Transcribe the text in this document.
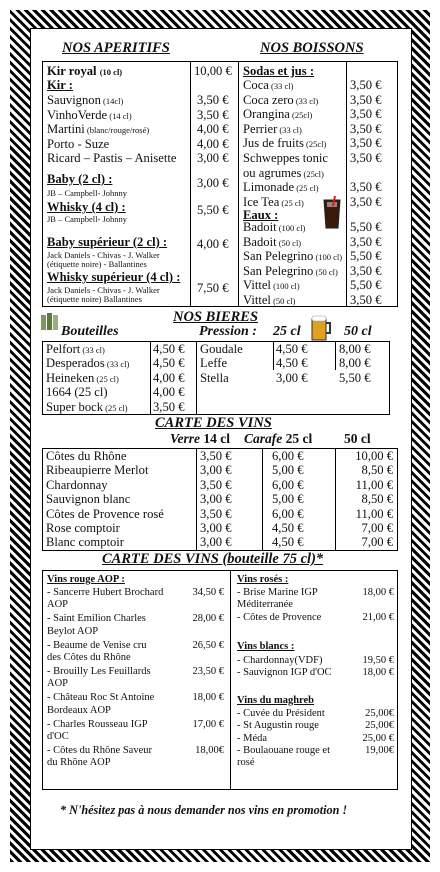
NOS APERITIFS	NOS BOISSONS
Kir royal (10 cl)	10,00 €
Kir :
Sauvignon (14cl)	3,50 €
VinhoVerde (14 cl)	3,50 €
Martini (blanc/rouge/rosé)	4,00 €
Porto - Suze	4,00 €
Ricard – Pastis – Anisette 3,00 €
Baby (2 cl) :
JB – Campbell- Johnny
3,00 €
Whisky (4 cl) :
JB – Campbell- Johnny
5,50 €
Baby supérieur (2 cl) :
Jack Daniels - Chivas - J. Walker
(étiquette noire) - Ballantines
4,00 €
Whisky supérieur (4 cl) :
Jack Daniels - Chivas - J. Walker
(étiquette noire) Ballantines
7,50 €
Sodas et jus :
Coca (33 cl)	3,50 €
Coca zero (33 cl)	3,50 €
Orangina (25cl)	3,50 €
Perrier (33 cl)	3,50 €
Jus de fruits (25cl) 3,50 €
Schweppes tonic 3,50 €
ou agrumes (25cl)
Limonade (25 cl) 3,50 €
Ice Tea (25 cl)	3,50 €
Eaux :
Badoit (100 cl)	5,50 €
Badoit (50 cl)	3,50 €
San Pelegrino (100 cl) 5,50 €
San Pelegrino (50 cl) 3,50 €
Vittel (100 cl)	5,50 €
Vittel (50 cl)	3,50 €
NOS BIERES
Bouteilles	Pression : 25 cl	50 cl
Pelfort (33 cl)	4,50 €
Desperados (33 cl) 4,50 €
Heineken (25 cl)	4,00 €
1664 (25 cl)	4,00 €
Super bock (25 cl) 3,50 €
Goudale	4,50 €	8,00 €
Leffe	4,50 €	8,00 €
Stella	3,00 €	5,50 €
CARTE DES VINS
Verre 14 cl Carafe 25 cl 50 cl
Côtes du Rhône	3,50 €	6,00 €	10,00 €
Ribeaupierre Merlot	3,00 €	5,00 €	8,50 €
Chardonnay	3,50 €	6,00 €	11,00 €
Sauvignon blanc	3,00 €	5,00 €	8,50 €
Côtes de Provence rosé	3,50 €	6,00 €	11,00 €
Rose comptoir	3,00 €	4,50 €	7,00 €
Blanc comptoir	3,00 €	4,50 €	7,00 €
CARTE DES VINS (bouteille 75 cl)*
Vins rouge AOP :
- Sancerre Hubert Brochard
AOP
34,50 €
- Saint Emilion Charles
Beylot AOP
28,00 €
- Beaume de Venise cru
des Côtes du Rhône
26,50 €
- Brouilly Les Feuillards
AOP
23,50 €
- Château Roc St Antoine
Bordeaux AOP
18,00 €
- Charles Rousseau IGP
d'OC
17,00 €
- Côtes du Rhône Saveur
du Rhône AOP
18,00€
Vins rosés :
- Brise Marine IGP	18,00 €
Méditerranée
- Côtes de Provence	21,00 €
Vins blancs :
- Chardonnay(VDF)	19,50 €
- Sauvignon IGP d'OC	18,00 €
Vins du maghreb
- Cuvée du Président	25,00€
- St Augustin rouge	25,00€
- Méda	25,00 €
- Boulaouane rouge et	19,00€
rosé
* N'hésitez pas à nous demander nos vins en promotion !
